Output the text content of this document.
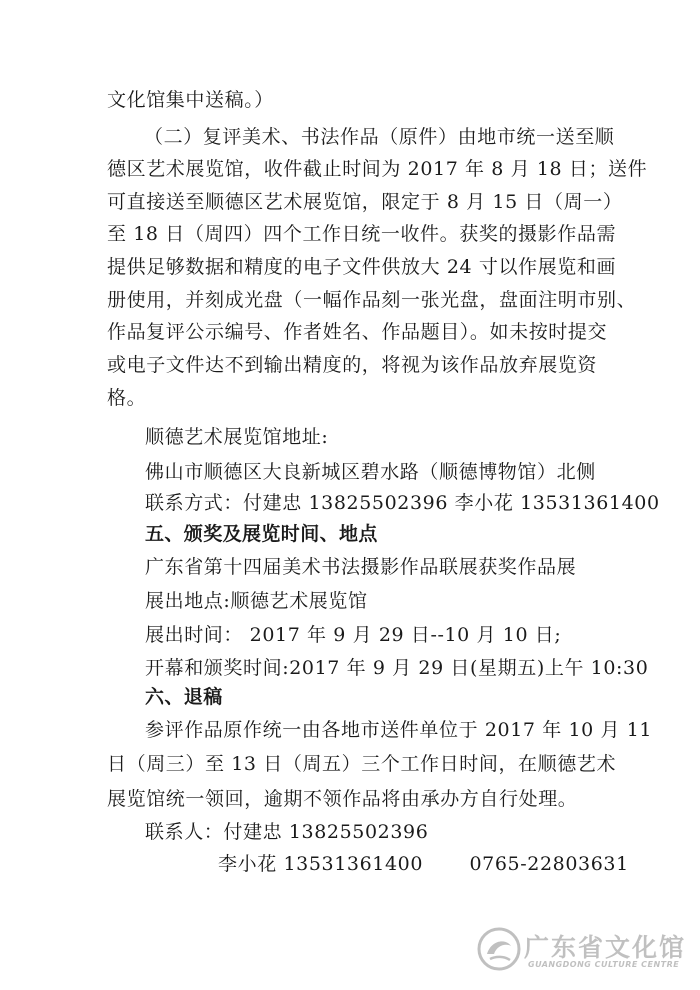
文化馆集中送稿。）
（二）复评美术、书法作品（原件）由地市统一送至顺
德区艺术展览馆，收件截止时间为 2017 年 8 月 18 日；送件
可直接送至顺德区艺术展览馆，限定于 8 月 15 日（周一）
至 18 日（周四）四个工作日统一收件。获奖的摄影作品需
提供足够数据和精度的电子文件供放大 24 寸以作展览和画
册使用，并刻成光盘（一幅作品刻一张光盘，盘面注明市别、
作品复评公示编号、作者姓名、作品题目）。如未按时提交
或电子文件达不到输出精度的，将视为该作品放弃展览资
格。
顺德艺术展览馆地址:
佛山市顺德区大良新城区碧水路（顺德博物馆）北侧
联系方式：付建忠 13825502396 李小花 13531361400
五、颁奖及展览时间、地点
广东省第十四届美术书法摄影作品联展获奖作品展
展出地点:顺德艺术展览馆
展出时间： 2017 年 9 月 29 日--10 月 10 日;
开幕和颁奖时间:2017 年 9 月 29 日(星期五)上午 10:30
六、退稿
参评作品原作统一由各地市送件单位于 2017 年 10 月 11
日（周三）至 13 日（周五）三个工作日时间，在顺德艺术
展览馆统一领回，逾期不领作品将由承办方自行处理。
联系人：付建忠 13825502396
李小花 13531361400       0765-22803631
广东省文化馆
GUANGDONG CULTURE CENTRE
